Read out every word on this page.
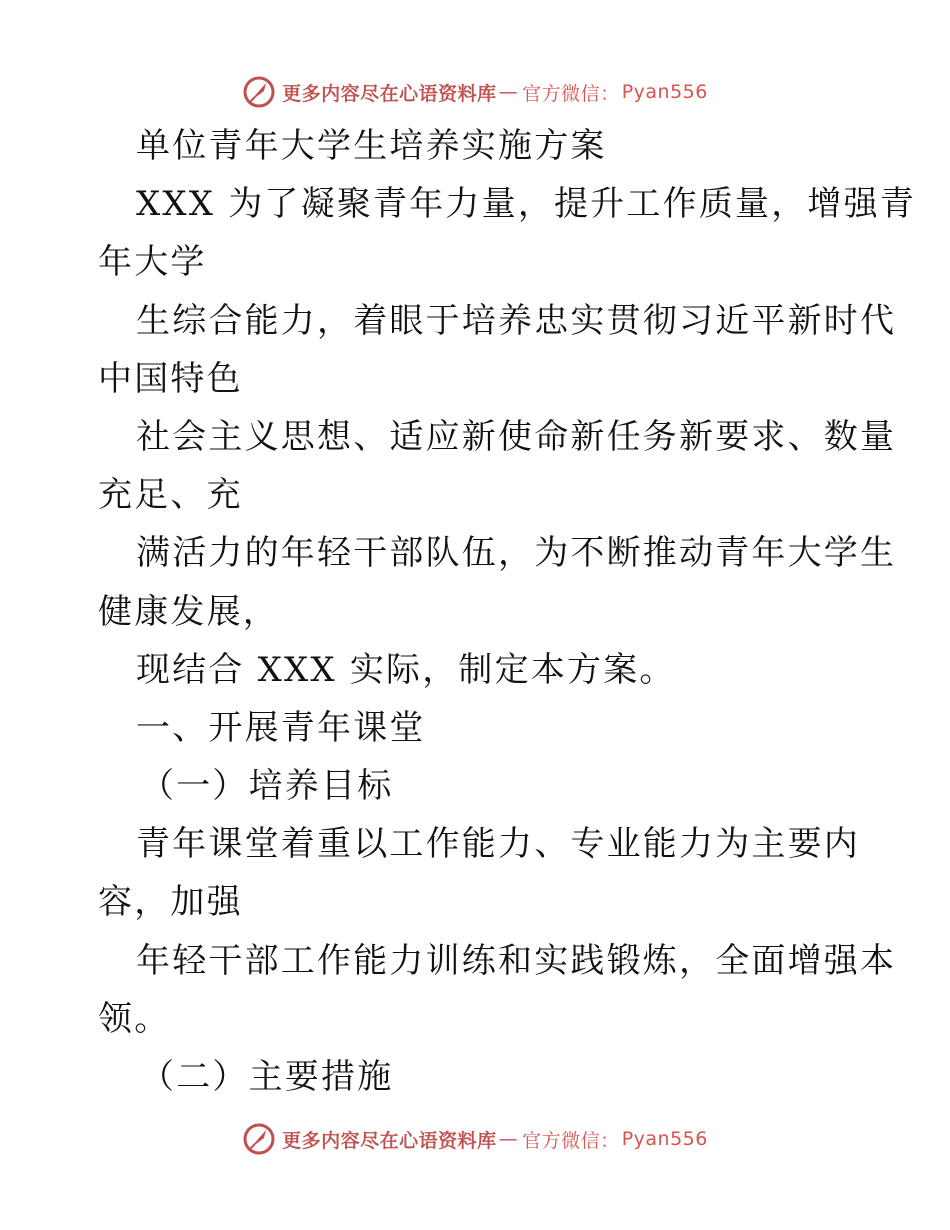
更多内容尽在心语资料库 — 官方微信： Pyan556
单位青年大学生培养实施方案
XXX 为了凝聚青年力量，提升工作质量，增强青
年大学
生综合能力，着眼于培养忠实贯彻习近平新时代
中国特色
社会主义思想、适应新使命新任务新要求、数量
充足、充
满活力的年轻干部队伍，为不断推动青年大学生
健康发展，
现结合 XXX 实际，制定本方案。
一、开展青年课堂
（一）培养目标
青年课堂着重以工作能力、专业能力为主要内
容，加强
年轻干部工作能力训练和实践锻炼，全面增强本
领。
（二）主要措施
更多内容尽在心语资料库 — 官方微信： Pyan556
